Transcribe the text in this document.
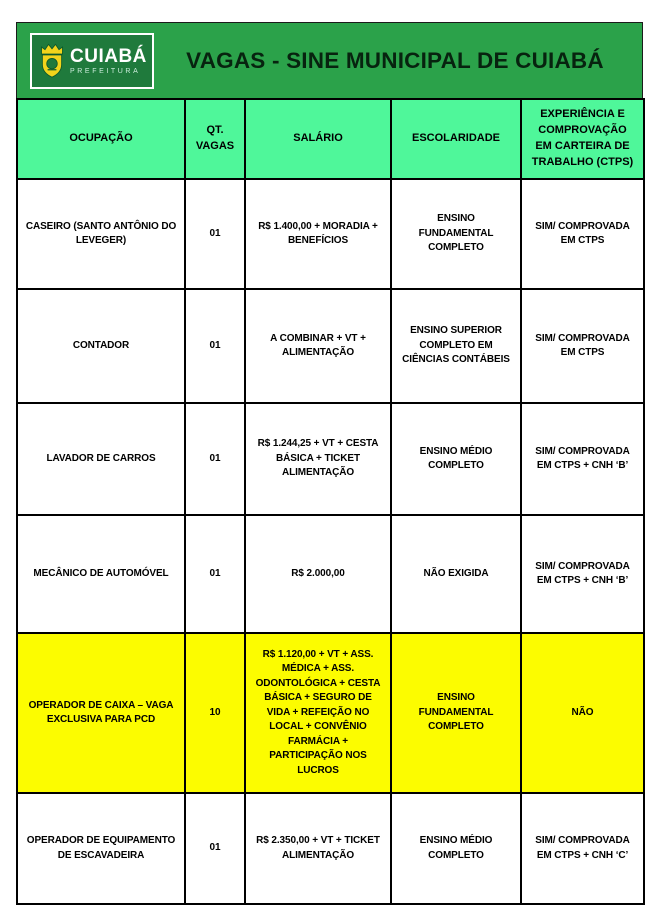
CUIABÁ
PREFEITURA	VAGAS - SINE MUNICIPAL DE CUIABÁ
OCUPAÇÃO	QT. VAGAS	SALÁRIO	ESCOLARIDADE	EXPERIÊNCIA E COMPROVAÇÃO EM CARTEIRA DE TRABALHO (CTPS)
CASEIRO (SANTO ANTÔNIO DO LEVEGER)	01	R$ 1.400,00 + MORADIA + BENEFÍCIOS	ENSINO FUNDAMENTAL COMPLETO	SIM/ COMPROVADA EM CTPS
CONTADOR	01	A COMBINAR + VT + ALIMENTAÇÃO	ENSINO SUPERIOR COMPLETO EM CIÊNCIAS CONTÁBEIS	SIM/ COMPROVADA EM CTPS
LAVADOR DE CARROS	01	R$ 1.244,25 + VT + CESTA BÁSICA + TICKET ALIMENTAÇÃO	ENSINO MÉDIO COMPLETO	SIM/ COMPROVADA EM CTPS + CNH ‘B’
MECÂNICO DE AUTOMÓVEL	01	R$ 2.000,00	NÃO EXIGIDA	SIM/ COMPROVADA EM CTPS + CNH ‘B’
OPERADOR DE CAIXA – VAGA EXCLUSIVA PARA PCD	10	R$ 1.120,00 + VT + ASS. MÉDICA + ASS. ODONTOLÓGICA + CESTA BÁSICA + SEGURO DE VIDA + REFEIÇÃO NO LOCAL + CONVÊNIO FARMÁCIA + PARTICIPAÇÃO NOS LUCROS	ENSINO FUNDAMENTAL COMPLETO	NÃO
OPERADOR DE EQUIPAMENTO DE ESCAVADEIRA	01	R$ 2.350,00 + VT + TICKET ALIMENTAÇÃO	ENSINO MÉDIO COMPLETO	SIM/ COMPROVADA EM CTPS + CNH ‘C’
